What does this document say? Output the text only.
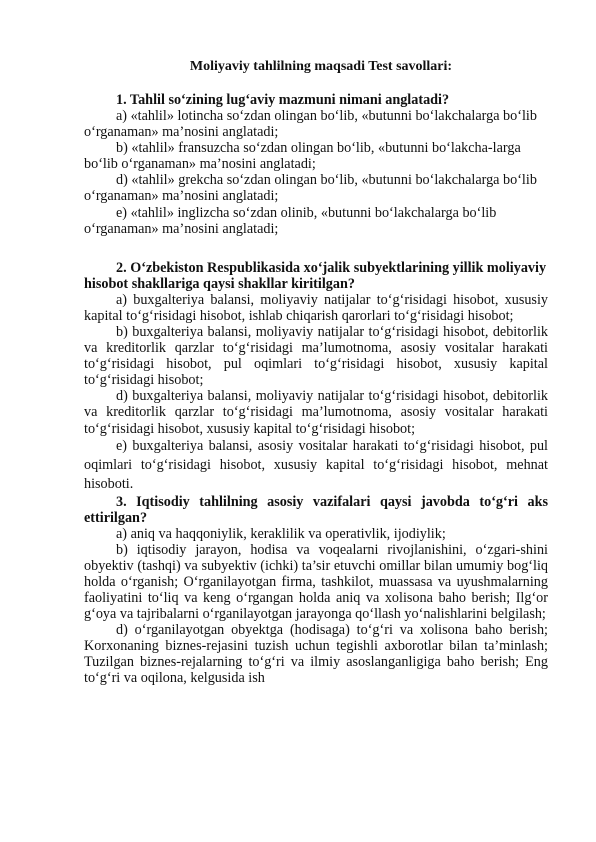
Moliyaviy tahlilning maqsadi Test savollari:

1. Tahlil so‘zining lug‘aviy mazmuni nimani anglatadi?

a) «tahlil» lotincha so‘zdan olingan bo‘lib, «butunni bo‘lakchalarga bo‘lib o‘rganaman» ma’nosini anglatadi;

b) «tahlil» fransuzcha so‘zdan olingan bo‘lib, «butunni bo‘lakcha-larga bo‘lib o‘rganaman» ma’nosini anglatadi;

d) «tahlil» grekcha so‘zdan olingan bo‘lib, «butunni bo‘lakchalarga bo‘lib o‘rganaman» ma’nosini anglatadi;

e) «tahlil» inglizcha so‘zdan olinib, «butunni bo‘lakchalarga bo‘lib o‘rganaman» ma’nosini anglatadi;

2. O‘zbekiston Respublikasida xo‘jalik subyektlarining yillik moliyaviy hisobot shakllariga qaysi shakllar kiritilgan?

a) buxgalteriya balansi, moliyaviy natijalar to‘g‘risidagi hisobot, xususiy kapital to‘g‘risidagi hisobot, ishlab chiqarish qarorlari to‘g‘risidagi hisobot;

b) buxgalteriya balansi, moliyaviy natijalar to‘g‘risidagi hisobot, debitorlik va kreditorlik qarzlar to‘g‘risidagi ma’lumotnoma, asosiy vositalar harakati to‘g‘risidagi hisobot, pul oqimlari to‘g‘risidagi hisobot, xususiy kapital to‘g‘risidagi hisobot;

d) buxgalteriya balansi, moliyaviy natijalar to‘g‘risidagi hisobot, debitorlik va kreditorlik qarzlar to‘g‘risidagi ma’lumotnoma, asosiy vositalar harakati to‘g‘risidagi hisobot, xususiy kapital to‘g‘risidagi hisobot;

e) buxgalteriya balansi, asosiy vositalar harakati to‘g‘risidagi hisobot, pul oqimlari to‘g‘risidagi hisobot, xususiy kapital to‘g‘risidagi hisobot, mehnat hisoboti.

3. Iqtisodiy tahlilning asosiy vazifalari qaysi javobda to‘g‘ri aks ettirilgan?

a) aniq va haqqoniylik, keraklilik va operativlik, ijodiylik;

b) iqtisodiy jarayon, hodisa va voqealarni rivojlanishini, o‘zgari-shini obyektiv (tashqi) va subyektiv (ichki) ta’sir etuvchi omillar bilan umumiy bog‘liq holda o‘rganish; O‘rganilayotgan firma, tashkilot, muassasa va uyushmalarning faoliyatini to‘liq va keng o‘rgangan holda aniq va xolisona baho berish; Ilg‘or g‘oya va tajribalarni o‘rganilayotgan jarayonga qo‘llash yo‘nalishlarini belgilash;

d) o‘rganilayotgan obyektga (hodisaga) to‘g‘ri va xolisona baho berish; Korxonaning biznes-rejasini tuzish uchun tegishli axborotlar bilan ta’minlash; Tuzilgan biznes-rejalarning to‘g‘ri va ilmiy asoslanganligiga baho berish; Eng to‘g‘ri va oqilona, kelgusida ish
